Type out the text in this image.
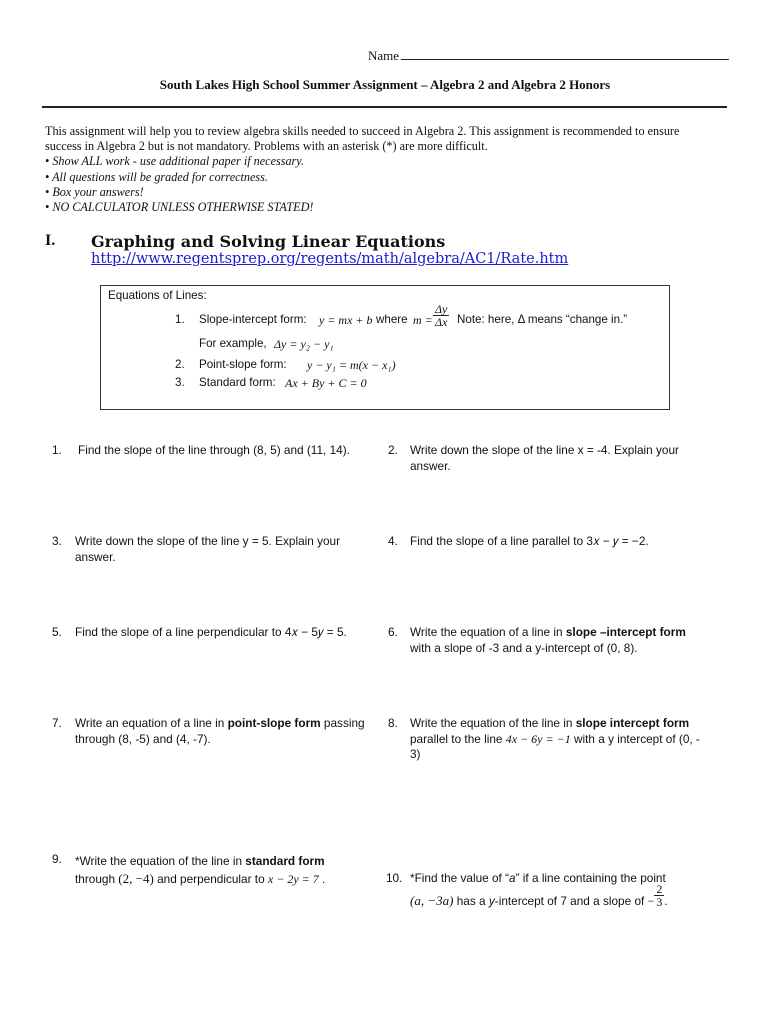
Name
South Lakes High School Summer Assignment – Algebra 2 and Algebra 2 Honors
This assignment will help you to review algebra skills needed to succeed in Algebra 2. This assignment is recommended to ensure
success in Algebra 2 but is not mandatory. Problems with an asterisk (*) are more difficult.
• Show ALL work - use additional paper if necessary.
• All questions will be graded for correctness.
• Box your answers!
• NO CALCULATOR UNLESS OTHERWISE STATED!
I. Graphing and Solving Linear Equations
http://www.regentsprep.org/regents/math/algebra/AC1/Rate.htm
Equations of Lines:
1. Slope-intercept form: y = mx + b where $m = \frac{\Delta y}{\Delta x}$ Note: here, Δ means “change in.”
For example, Δy = y₂ − y₁
2. Point-slope form: y − y₁ = m(x − x₁)
3. Standard form: Ax + By + C = 0
1. Find the slope of the line through (8, 5) and (11, 14).	2. Write down the slope of the line x = -4. Explain your answer.
3. Write down the slope of the line y = 5. Explain your answer.
4. Find the slope of a line parallel to 3𝑥 − 𝑦 = −2.
5. Find the slope of a line perpendicular to 4𝑥 − 5𝑦 = 5.	6. Write the equation of a line in slope –intercept form
with a slope of -3 and a y-intercept of (0, 8).
7. Write an equation of a line in point-slope form passing
through (8, -5) and (4, -7).
8. Write the equation of the line in slope intercept form
parallel to the line 4x − 6y = −1 with a y intercept of (0, -
3)
9. *Write the equation of the line in standard form
through (2, −4) and perpendicular to x − 2y = 7 .	10. *Find the value of “a” if a line containing the point
(a, −3a) has a y-intercept of 7 and a slope of − $\frac{2}{3}$ .
